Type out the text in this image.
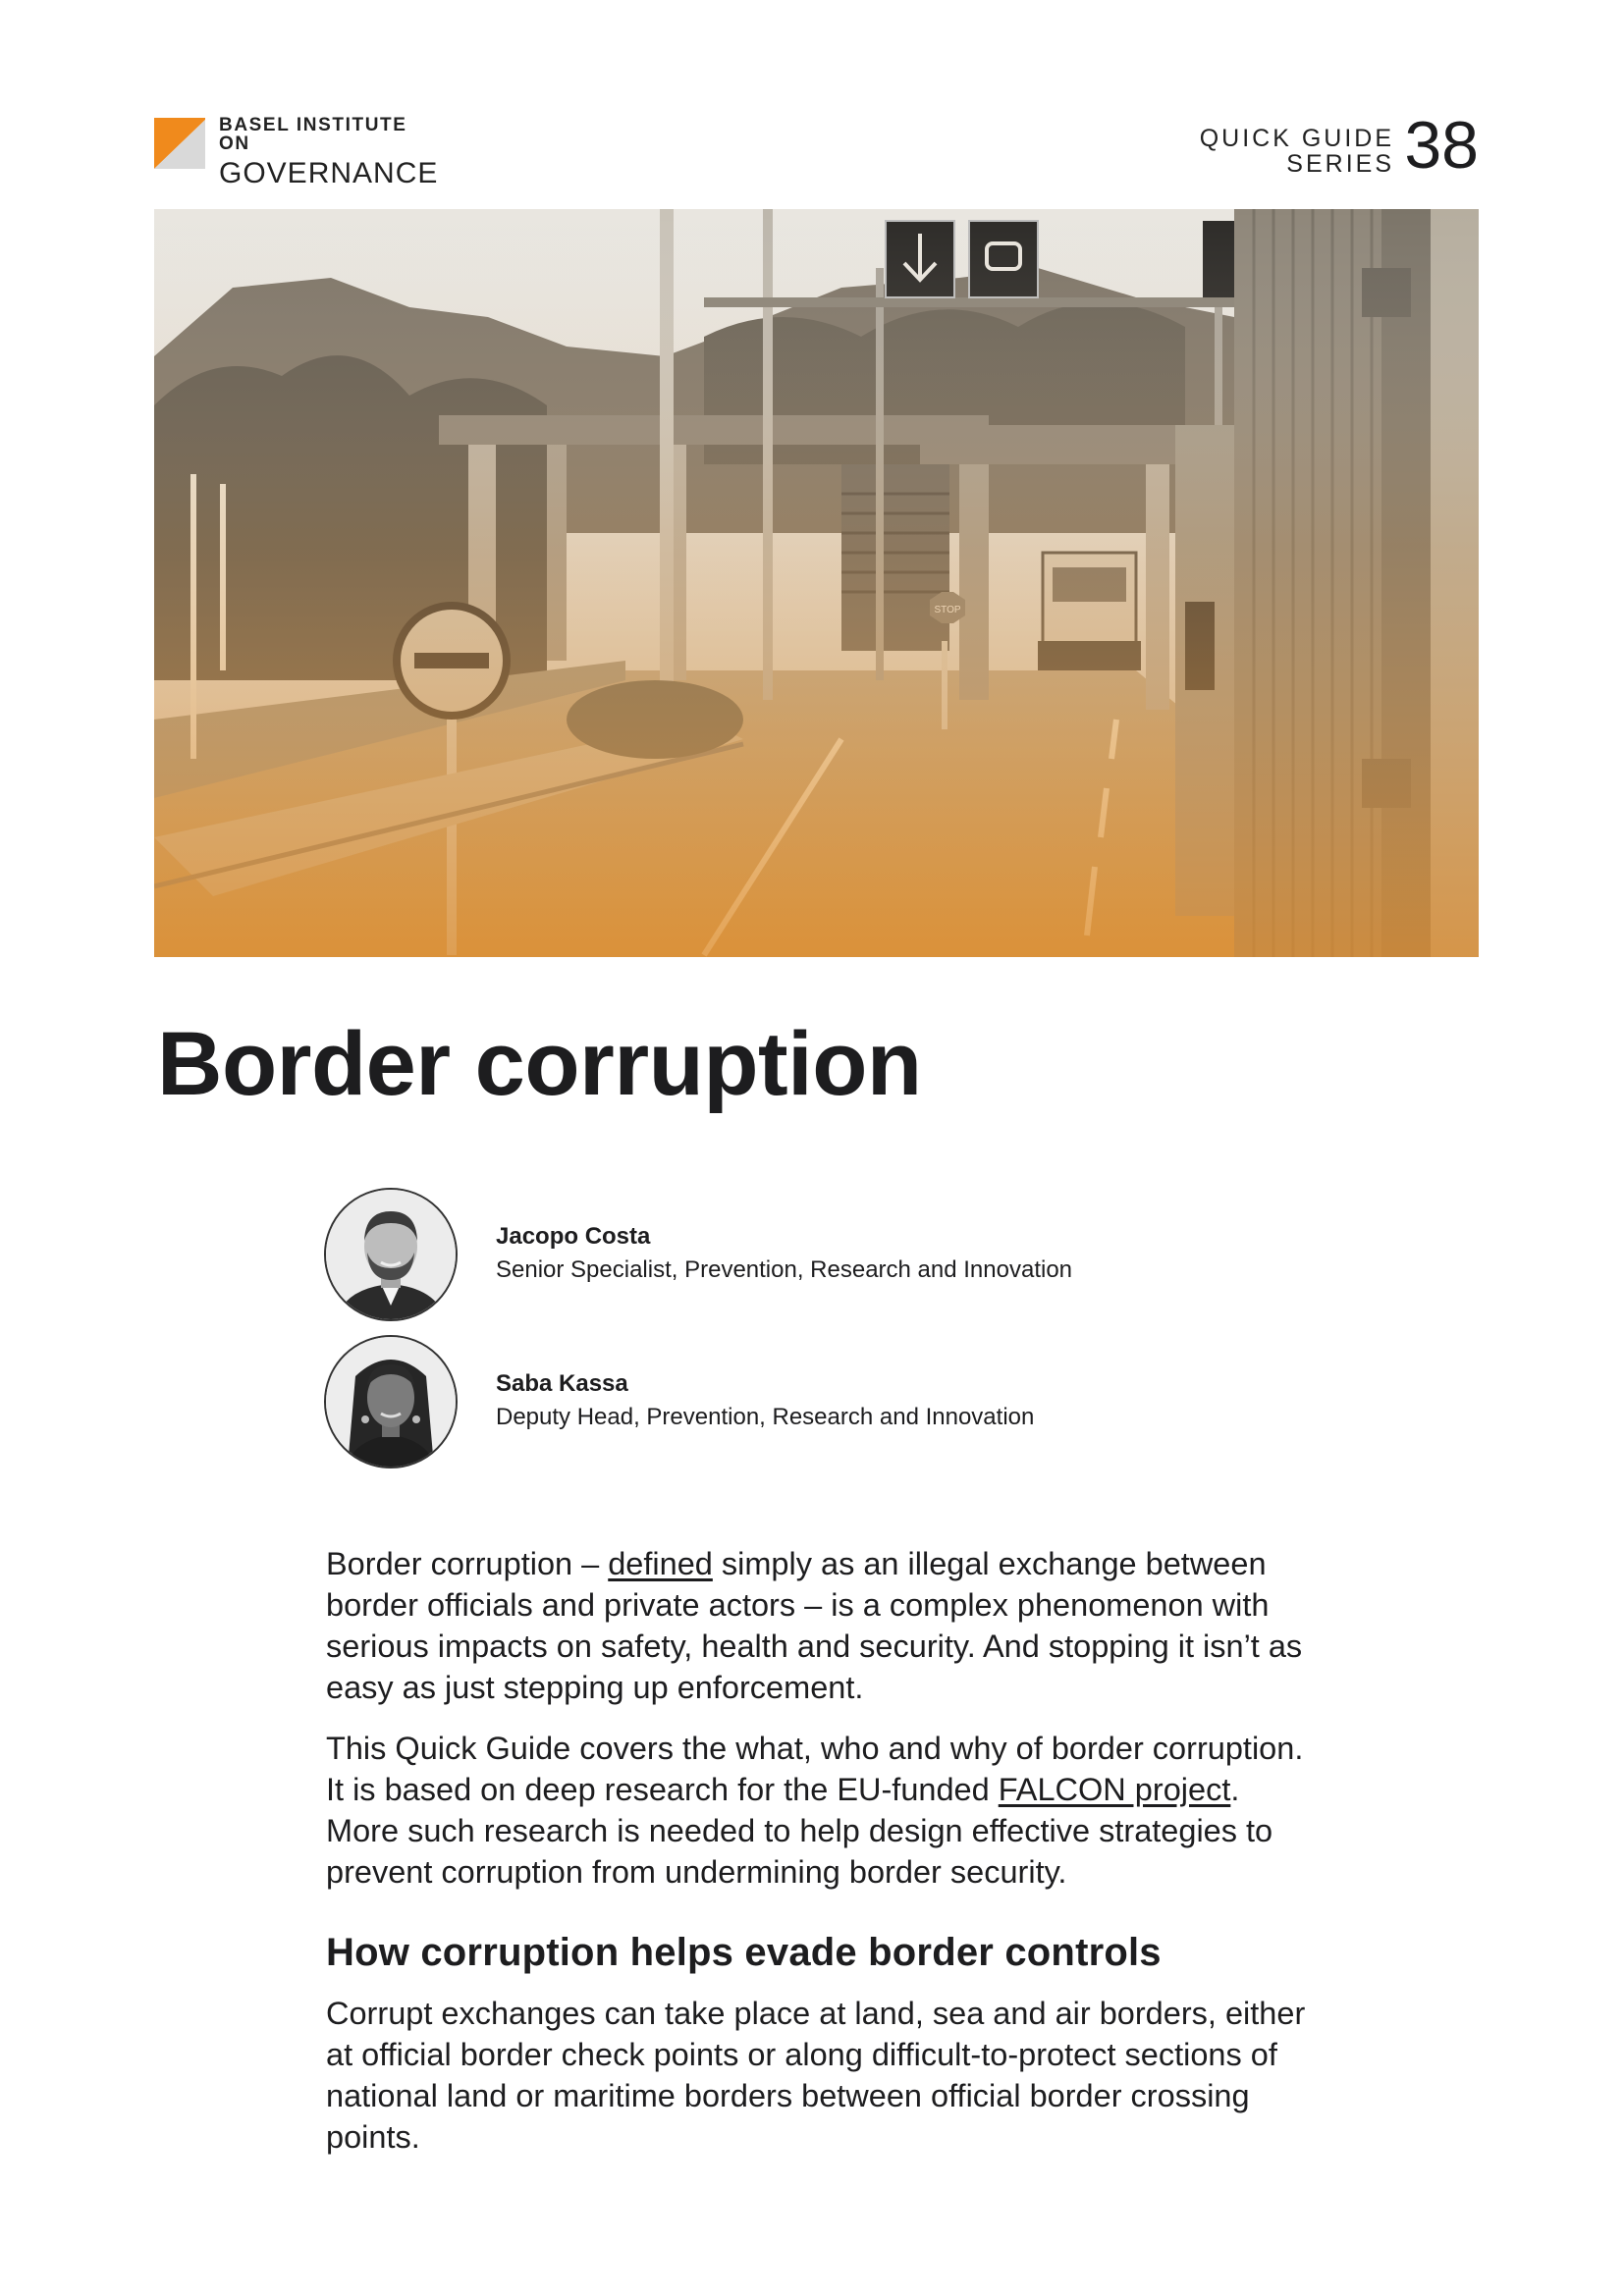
BASEL INSTITUTE ON
GOVERNANCE
QUICK GUIDE
SERIES 38
Border corruption
Jacopo Costa
Senior Specialist, Prevention, Research and Innovation
Saba Kassa
Deputy Head, Prevention, Research and Innovation

Border corruption – defined simply as an illegal exchange between border officials and private actors – is a complex phenomenon with serious impacts on safety, health and security. And stopping it isn’t as easy as just stepping up enforcement.

This Quick Guide covers the what, who and why of border corruption. It is based on deep research for the EU-funded FALCON project. More such research is needed to help design effective strategies to prevent corruption from undermining border security.

How corruption helps evade border controls

Corrupt exchanges can take place at land, sea and air borders, either at official border check points or along difficult-to-protect sections of national land or maritime borders between official border crossing points.
